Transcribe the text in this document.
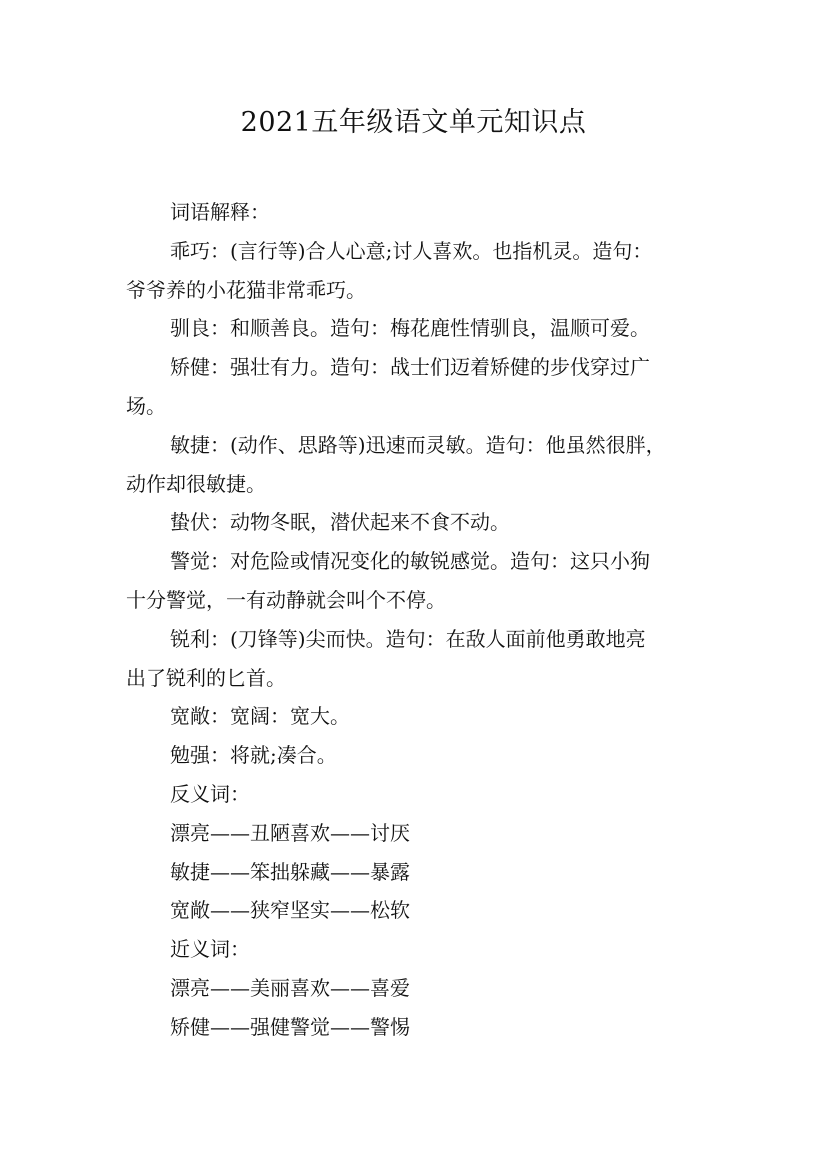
2021五年级语文单元知识点
词语解释：
乖巧：(言行等)合人心意;讨人喜欢。也指机灵。造句：
爷爷养的小花猫非常乖巧。
驯良：和顺善良。造句：梅花鹿性情驯良，温顺可爱。
矫健：强壮有力。造句：战士们迈着矫健的步伐穿过广
场。
敏捷：(动作、思路等)迅速而灵敏。造句：他虽然很胖，
动作却很敏捷。
蛰伏：动物冬眠，潜伏起来不食不动。
警觉：对危险或情况变化的敏锐感觉。造句：这只小狗
十分警觉，一有动静就会叫个不停。
锐利：(刀锋等)尖而快。造句：在敌人面前他勇敢地亮
出了锐利的匕首。
宽敞：宽阔：宽大。
勉强：将就;凑合。
反义词：
漂亮——丑陋喜欢——讨厌
敏捷——笨拙躲藏——暴露
宽敞——狭窄坚实——松软
近义词：
漂亮——美丽喜欢——喜爱
矫健——强健警觉——警惕
